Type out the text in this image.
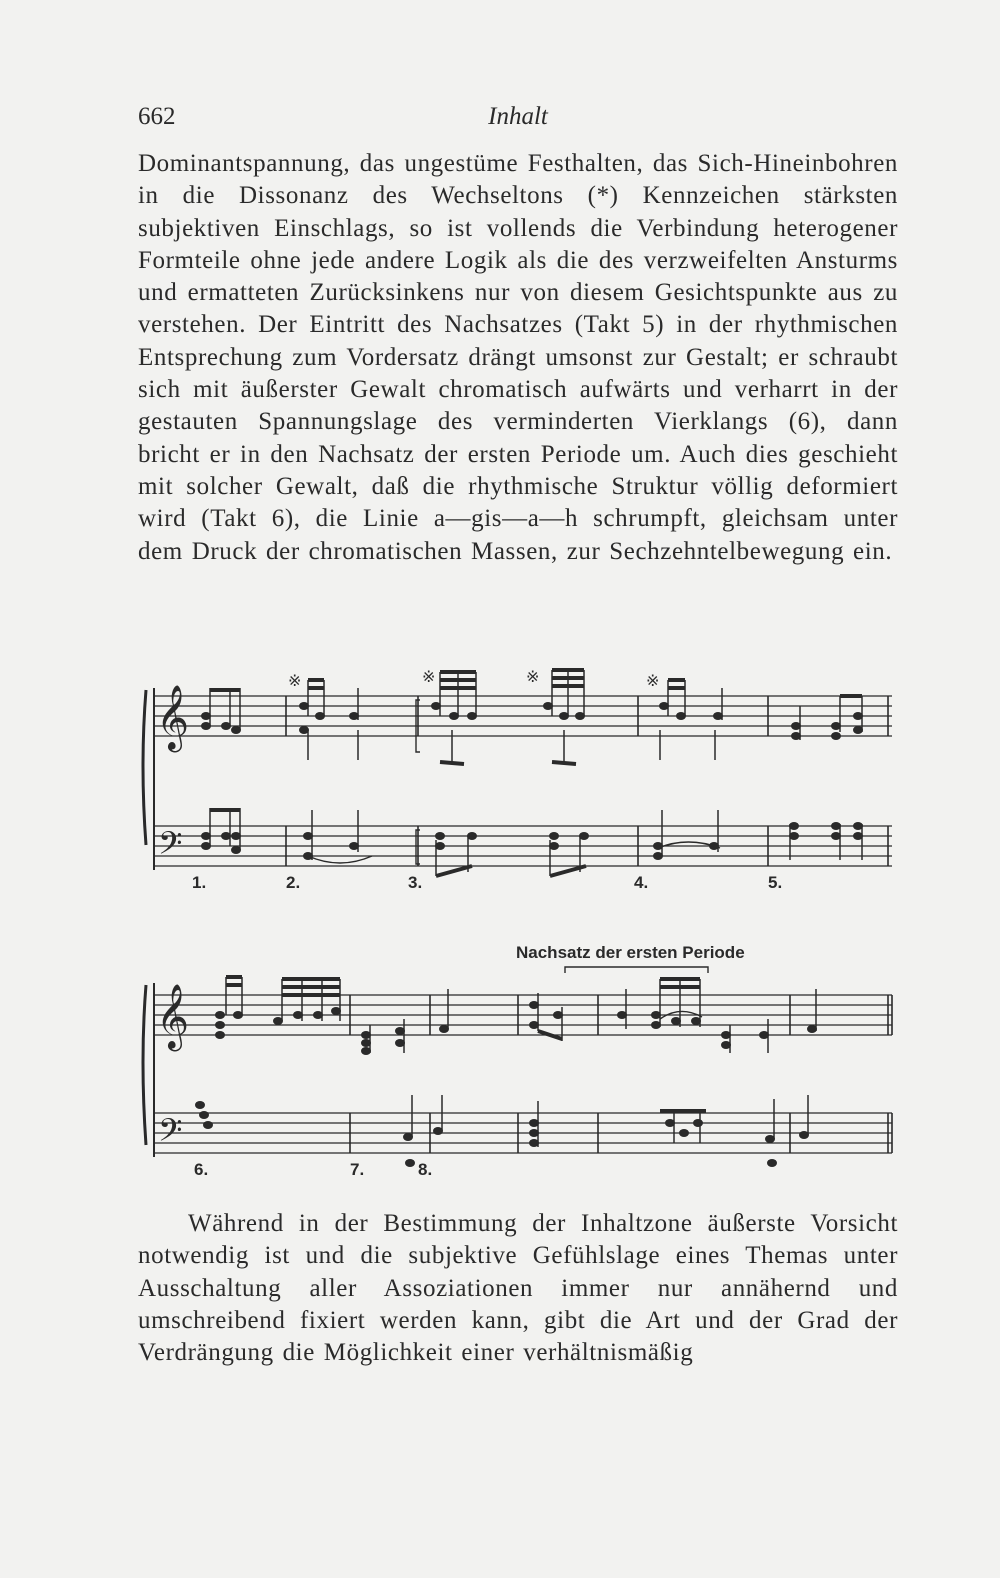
662	Inhalt

Dominantspannung, das ungestüme Festhalten, das Sich-Hineinbohren in die Dissonanz des Wechseltons (*) Kennzeichen stärksten subjektiven Einschlags, so ist vollends die Verbindung heterogener Formteile ohne jede andere Logik als die des verzweifelten Ansturms und ermatteten Zurücksinkens nur von diesem Gesichtspunkte aus zu verstehen. Der Eintritt des Nachsatzes (Takt 5) in der rhythmischen Entsprechung zum Vordersatz drängt umsonst zur Gestalt; er schraubt sich mit äußerster Gewalt chromatisch aufwärts und verharrt in der gestauten Spannungslage des verminderten Vierklangs (6), dann bricht er in den Nachsatz der ersten Periode um. Auch dies geschieht mit solcher Gewalt, daß die rhythmische Struktur völlig deformiert wird (Takt 6), die Linie a—gis—a—h schrumpft, gleichsam unter dem Druck der chromatischen Massen, zur Sechzehntelbewegung ein.

𝄞
𝄢
※	※	※	※
1.	2.	3.	4.	5.
Nachsatz der ersten Periode
𝄞
𝄢
6.	7.	8.

Während in der Bestimmung der Inhaltzone äußerste Vorsicht notwendig ist und die subjektive Gefühlslage eines Themas unter Ausschaltung aller Assoziationen immer nur annähernd und umschreibend fixiert werden kann, gibt die Art und der Grad der Verdrängung die Möglichkeit einer verhältnismäßig
